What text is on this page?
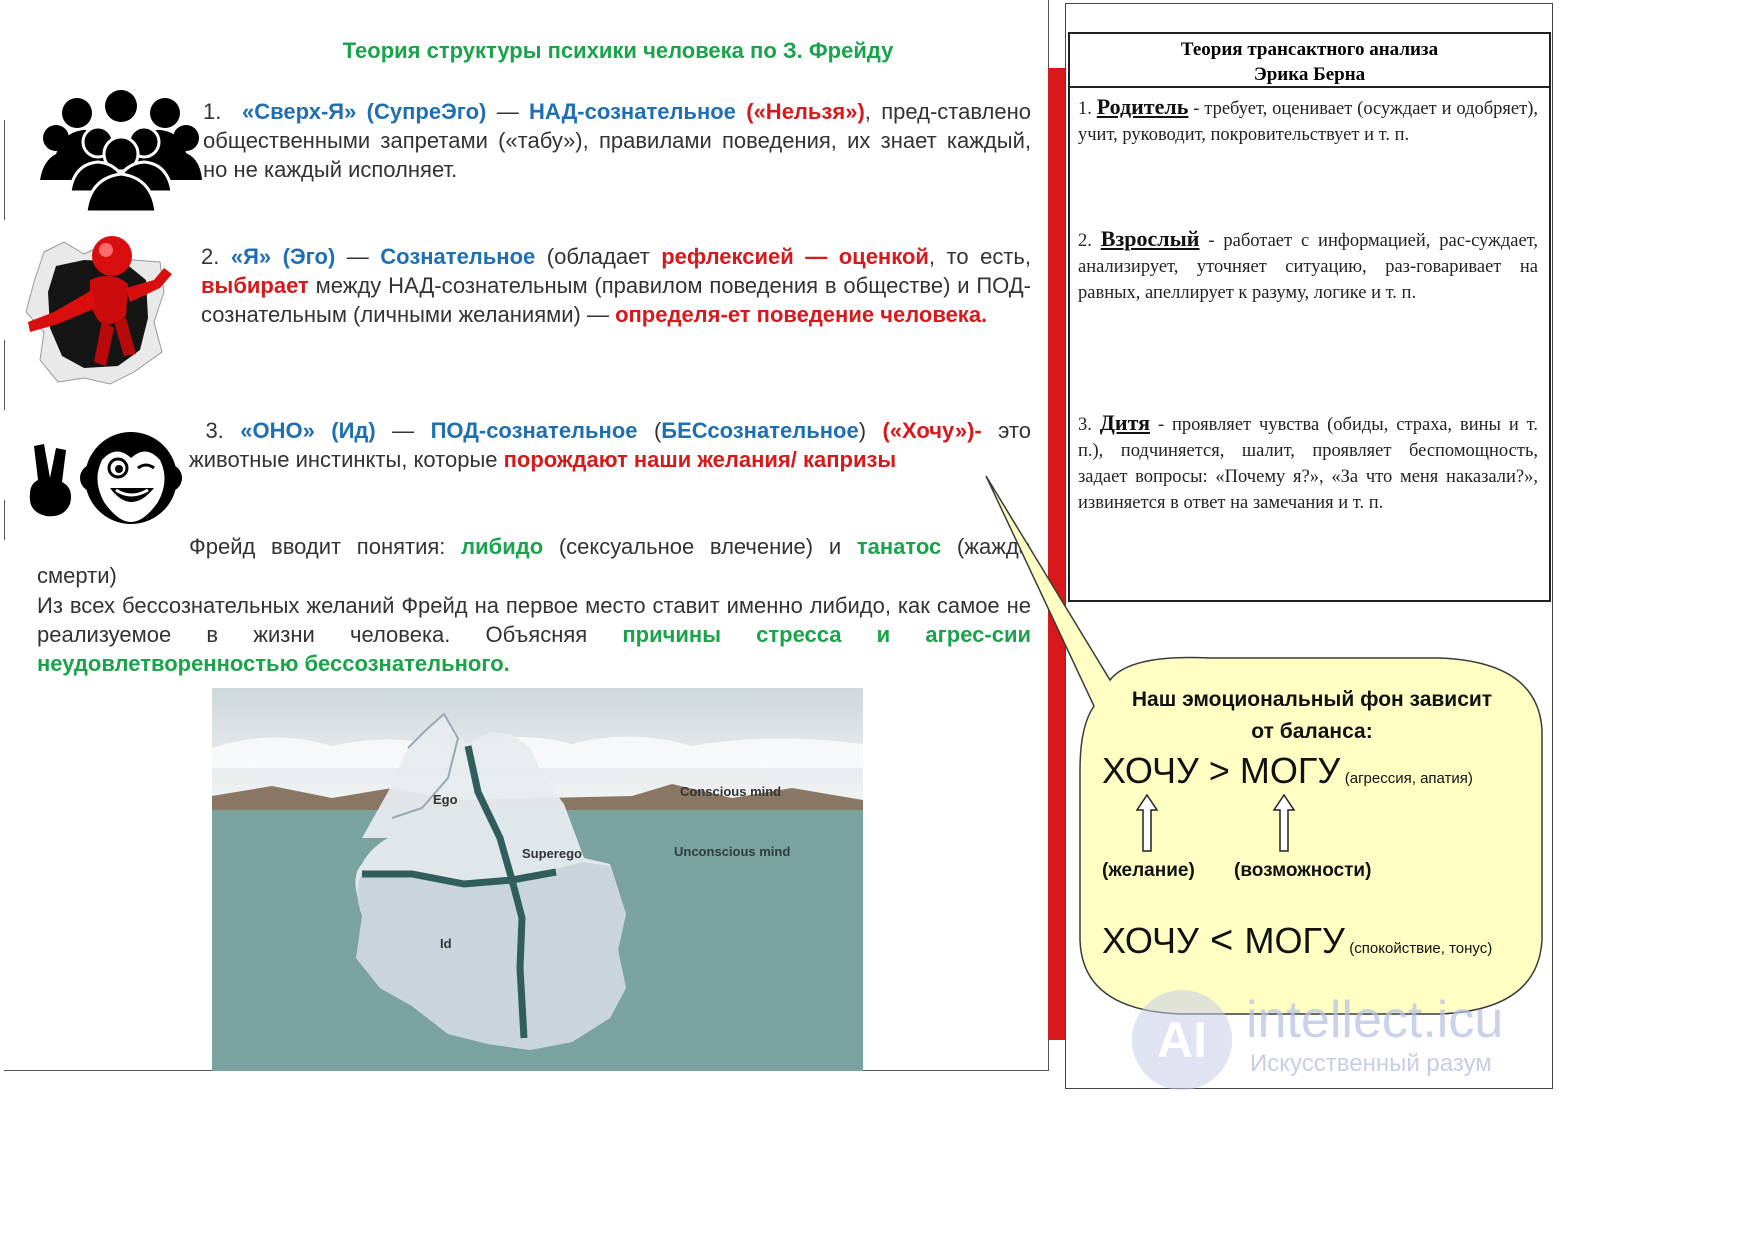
Теория структуры психики человека по З. Фрейду
1. «Сверх-Я» (СупреЭго) — НАД-сознательное («Нельзя»), пред-ставлено общественными запретами («табу»), правилами поведения, их знает каждый, но не каждый исполняет.
2. «Я» (Эго) — Сознательное (обладает рефлексией — оценкой, то есть, выбирает между НАД-сознательным (правилом поведения в обществе) и ПОД-сознательным (личными желаниями) — определя-ет поведение человека.
3. «ОНО» (Ид) — ПОД-сознательное (БЕСсознательное) («Хочу»)- это животные инстинкты, которые порождают наши желания/ капризы
Фрейд вводит понятия: либидо (сексуальное влечение) и танатос (жажда смерти)
Из всех бессознательных желаний Фрейд на первое место ставит именно либидо, как самое не реализуемое в жизни человека. Объясняя причины стресса и агрес-сии неудовлетворенностью бессознательного.
Ego
Superego
Id
Conscious mind
Unconscious mind
Теория трансактного анализа
Эрика Берна
1. Родитель - требует, оценивает (осуждает и одобряет), учит, руководит, покровительствует и т. п.
2. Взрослый - работает с информацией, рас-суждает, анализирует, уточняет ситуацию, раз-говаривает на равных, апеллирует к разуму, логике и т. п.
3. Дитя - проявляет чувства (обиды, страха, вины и т. п.), подчиняется, шалит, проявляет беспомощность, задает вопросы: «Почему я?», «За что меня наказали?», извиняется в ответ на замечания и т. п.
Наш эмоциональный фон зависит
от баланса:
ХОЧУ > МОГУ (агрессия, апатия)
(желание) (возможности)
ХОЧУ < МОГУ (спокойствие, тонус)
AI intellect.icu
Искусственный разум
